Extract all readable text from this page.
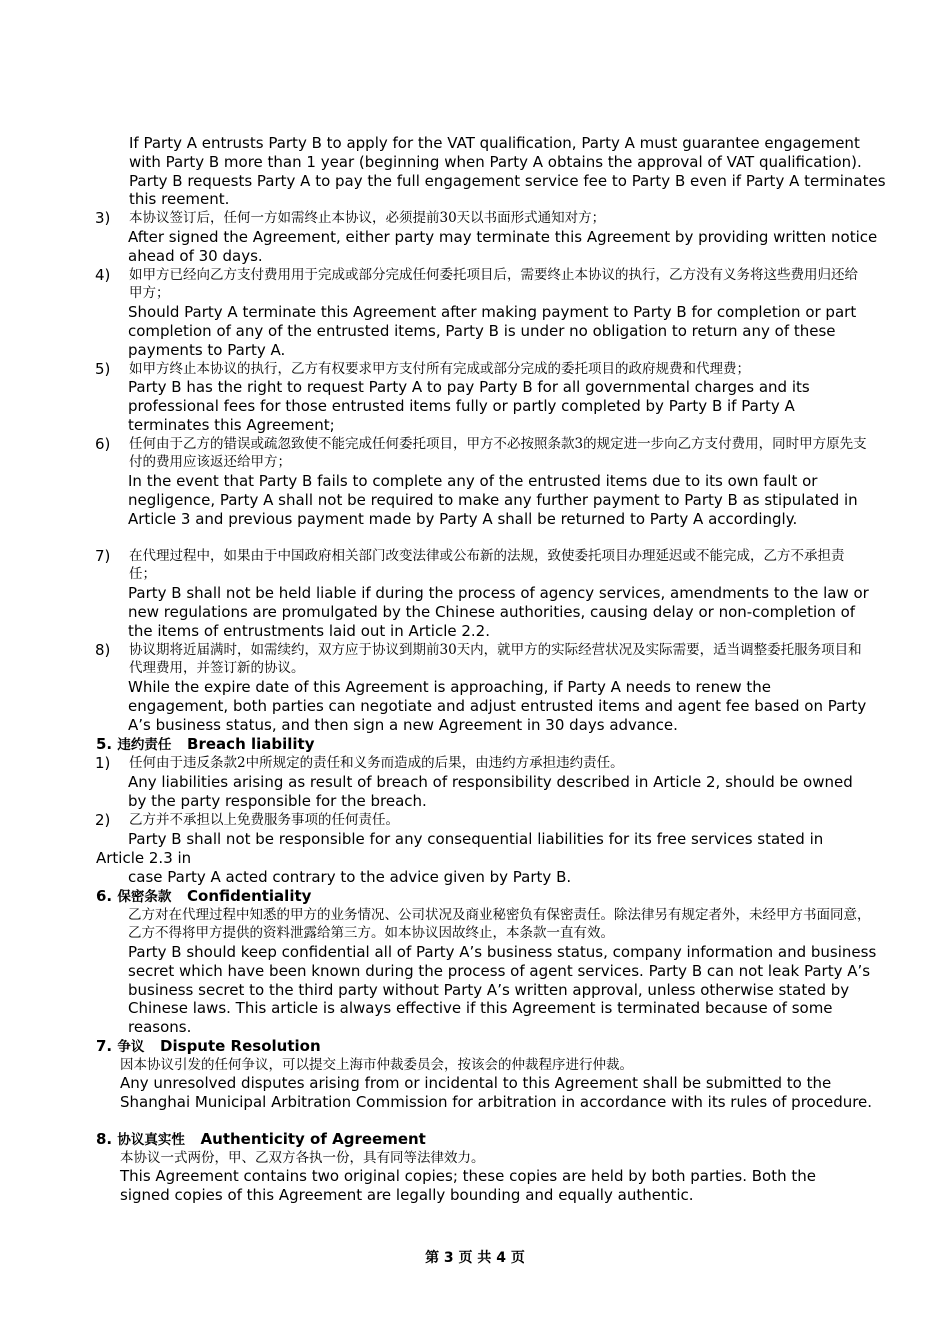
If Party A entrusts Party B to apply for the VAT qualification, Party A must guarantee engagement with Party B more than 1 year (beginning when Party A obtains the approval of VAT qualification). Party B requests Party A to pay the full engagement service fee to Party B even if Party A terminates this reement.

3) 本协议签订后，任何一方如需终止本协议，必须提前30天以书面形式通知对方；

After signed the Agreement, either party may terminate this Agreement by providing written notice ahead of 30 days.

4) 如甲方已经向乙方支付费用用于完成或部分完成任何委托项目后，需要终止本协议的执行，乙方没有义务将这些费用归还给甲方；

Should Party A terminate this Agreement after making payment to Party B for completion or part completion of any of the entrusted items, Party B is under no obligation to return any of these payments to Party A.

5) 如甲方终止本协议的执行，乙方有权要求甲方支付所有完成或部分完成的委托项目的政府规费和代理费；

Party B has the right to request Party A to pay Party B for all governmental charges and its professional fees for those entrusted items fully or partly completed by Party B if Party A terminates this Agreement;

6) 任何由于乙方的错误或疏忽致使不能完成任何委托项目，甲方不必按照条款3的规定进一步向乙方支付费用，同时甲方原先支付的费用应该返还给甲方；

In the event that Party B fails to complete any of the entrusted items due to its own fault or negligence, Party A shall not be required to make any further payment to Party B as stipulated in Article 3 and previous payment made by Party A shall be returned to Party A accordingly.

7) 在代理过程中，如果由于中国政府相关部门改变法律或公布新的法规，致使委托项目办理延迟或不能完成，乙方不承担责任；

Party B shall not be held liable if during the process of agency services, amendments to the law or new regulations are promulgated by the Chinese authorities, causing delay or non-completion of the items of entrustments laid out in Article 2.2.

8) 协议期将近届满时，如需续约，双方应于协议到期前30天内，就甲方的实际经营状况及实际需要，适当调整委托服务项目和代理费用，并签订新的协议。

While the expire date of this Agreement is approaching, if Party A needs to renew the engagement, both parties can negotiate and adjust entrusted items and agent fee based on Party A’s business status, and then sign a new Agreement in 30 days advance.

5. 违约责任 Breach liability
1) 任何由于违反条款2中所规定的责任和义务而造成的后果，由违约方承担违约责任。

Any liabilities arising as result of breach of responsibility described in Article 2, should be owned by the party responsible for the breach.

2) 乙方并不承担以上免费服务事项的任何责任。

Party B shall not be responsible for any consequential liabilities for its free services stated in

Article 2.3 in

case Party A acted contrary to the advice given by Party B.

6. 保密条款 Confidentiality

乙方对在代理过程中知悉的甲方的业务情况、公司状况及商业秘密负有保密责任。除法律另有规定者外，未经甲方书面同意，乙方不得将甲方提供的资料泄露给第三方。如本协议因故终止，本条款一直有效。

Party B should keep confidential all of Party A’s business status, company information and business secret which have been known during the process of agent services. Party B can not leak Party A’s business secret to the third party without Party A’s written approval, unless otherwise stated by Chinese laws. This article is always effective if this Agreement is terminated because of some reasons.

7. 争议 Dispute Resolution

因本协议引发的任何争议，可以提交上海市仲裁委员会，按该会的仲裁程序进行仲裁。

Any unresolved disputes arising from or incidental to this Agreement shall be submitted to the Shanghai Municipal Arbitration Commission for arbitration in accordance with its rules of procedure.

8. 协议真实性 Authenticity of Agreement

本协议一式两份，甲、乙双方各执一份，具有同等法律效力。

This Agreement contains two original copies; these copies are held by both parties. Both the signed copies of this Agreement are legally bounding and equally authentic.

第 3 页 共 4 页
